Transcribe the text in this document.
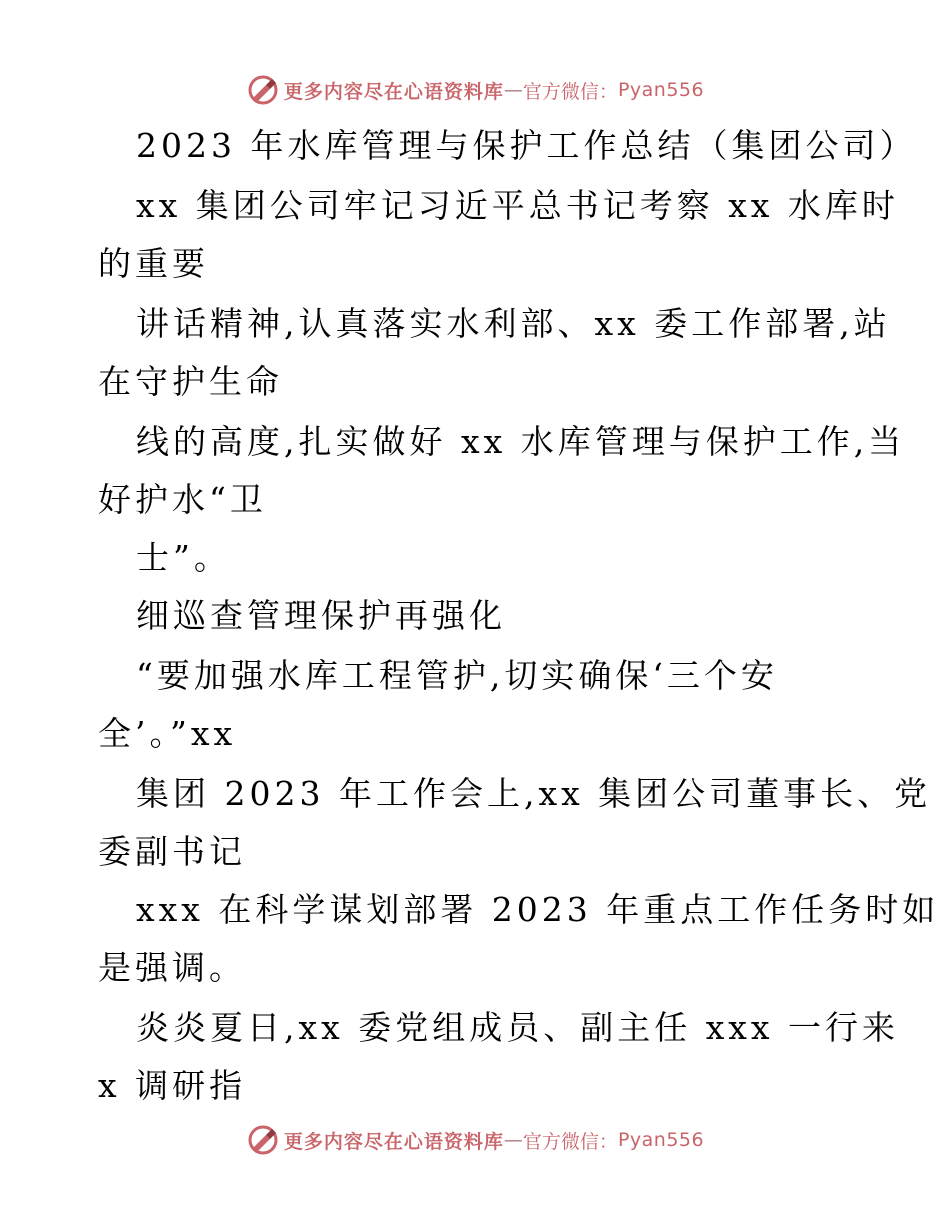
更多内容尽在心语资料库 — 官方微信： Pyan556
2023 年水库管理与保护工作总结（集团公司）
xx 集团公司牢记习近平总书记考察 xx 水库时
的重要
讲话精神,认真落实水利部、xx 委工作部署,站
在守护生命
线的高度,扎实做好 xx 水库管理与保护工作,当
好护水“卫
士”。
细巡查管理保护再强化
“要加强水库工程管护,切实确保‘三个安
全’。”xx
集团 2023 年工作会上,xx 集团公司董事长、党
委副书记
xxx 在科学谋划部署 2023 年重点工作任务时如
是强调。
炎炎夏日,xx 委党组成员、副主任 xxx 一行来
x 调研指
更多内容尽在心语资料库 — 官方微信： Pyan556
